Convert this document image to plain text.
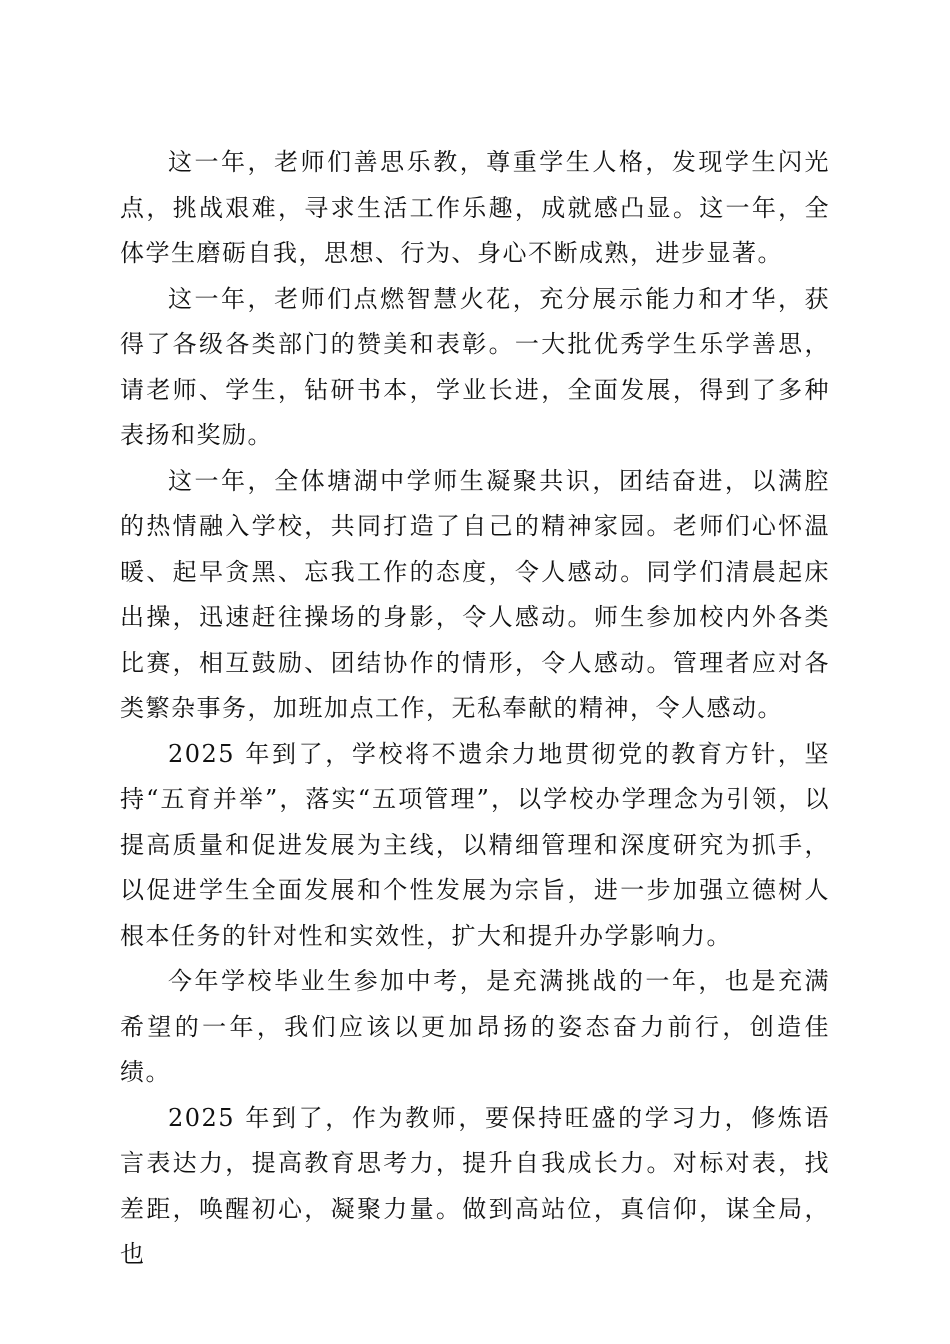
这一年，老师们善思乐教，尊重学生人格，发现学生闪光点，挑战艰难，寻求生活工作乐趣，成就感凸显。这一年，全体学生磨砺自我，思想、行为、身心不断成熟，进步显著。

这一年，老师们点燃智慧火花，充分展示能力和才华，获得了各级各类部门的赞美和表彰。一大批优秀学生乐学善思，请老师、学生，钻研书本，学业长进，全面发展，得到了多种表扬和奖励。

这一年，全体塘湖中学师生凝聚共识，团结奋进，以满腔的热情融入学校，共同打造了自己的精神家园。老师们心怀温暖、起早贪黑、忘我工作的态度，令人感动。同学们清晨起床出操，迅速赶往操场的身影，令人感动。师生参加校内外各类比赛，相互鼓励、团结协作的情形，令人感动。管理者应对各类繁杂事务，加班加点工作，无私奉献的精神，令人感动。

2025 年到了，学校将不遗余力地贯彻党的教育方针，坚持“五育并举”，落实“五项管理”，以学校办学理念为引领，以提高质量和促进发展为主线，以精细管理和深度研究为抓手，以促进学生全面发展和个性发展为宗旨，进一步加强立德树人根本任务的针对性和实效性，扩大和提升办学影响力。

今年学校毕业生参加中考，是充满挑战的一年，也是充满希望的一年，我们应该以更加昂扬的姿态奋力前行，创造佳绩。

2025 年到了，作为教师，要保持旺盛的学习力，修炼语言表达力，提高教育思考力，提升自我成长力。对标对表，找差距，唤醒初心，凝聚力量。做到高站位，真信仰，谋全局，也
